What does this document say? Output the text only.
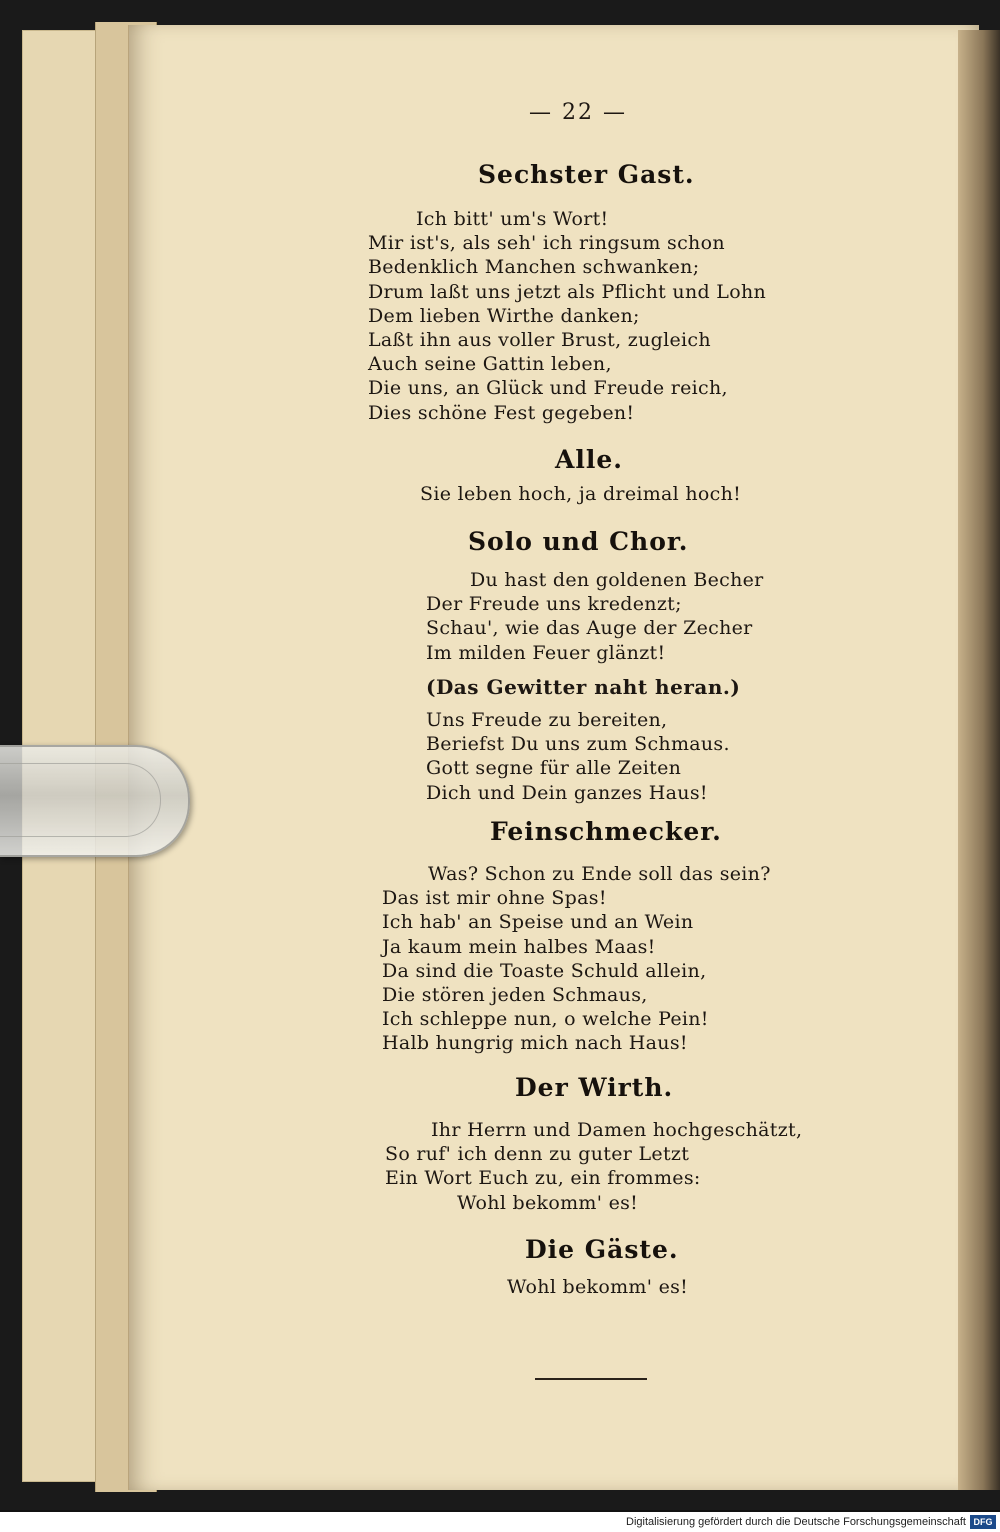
— 22 —
Sechster Gast.
Ich bitt' um's Wort!
Mir ist's, als seh' ich ringsum schon
Bedenklich Manchen schwanken;
Drum laßt uns jetzt als Pflicht und Lohn
Dem lieben Wirthe danken;
Laßt ihn aus voller Brust, zugleich
Auch seine Gattin leben,
Die uns, an Glück und Freude reich,
Dies schöne Fest gegeben!
Alle.
Sie leben hoch, ja dreimal hoch!
Solo und Chor.
Du hast den goldenen Becher
Der Freude uns kredenzt;
Schau', wie das Auge der Zecher
Im milden Feuer glänzt!
(Das Gewitter naht heran.)
Uns Freude zu bereiten,
Beriefst Du uns zum Schmaus.
Gott segne für alle Zeiten
Dich und Dein ganzes Haus!
Feinschmecker.
Was? Schon zu Ende soll das sein?
Das ist mir ohne Spas!
Ich hab' an Speise und an Wein
Ja kaum mein halbes Maas!
Da sind die Toaste Schuld allein,
Die stören jeden Schmaus,
Ich schleppe nun, o welche Pein!
Halb hungrig mich nach Haus!
Der Wirth.
Ihr Herrn und Damen hochgeschätzt,
So ruf' ich denn zu guter Letzt
Ein Wort Euch zu, ein frommes:
Wohl bekomm' es!
Die Gäste.
Wohl bekomm' es!
Digitalisierung gefördert durch die Deutsche Forschungsgemeinschaft DFG
